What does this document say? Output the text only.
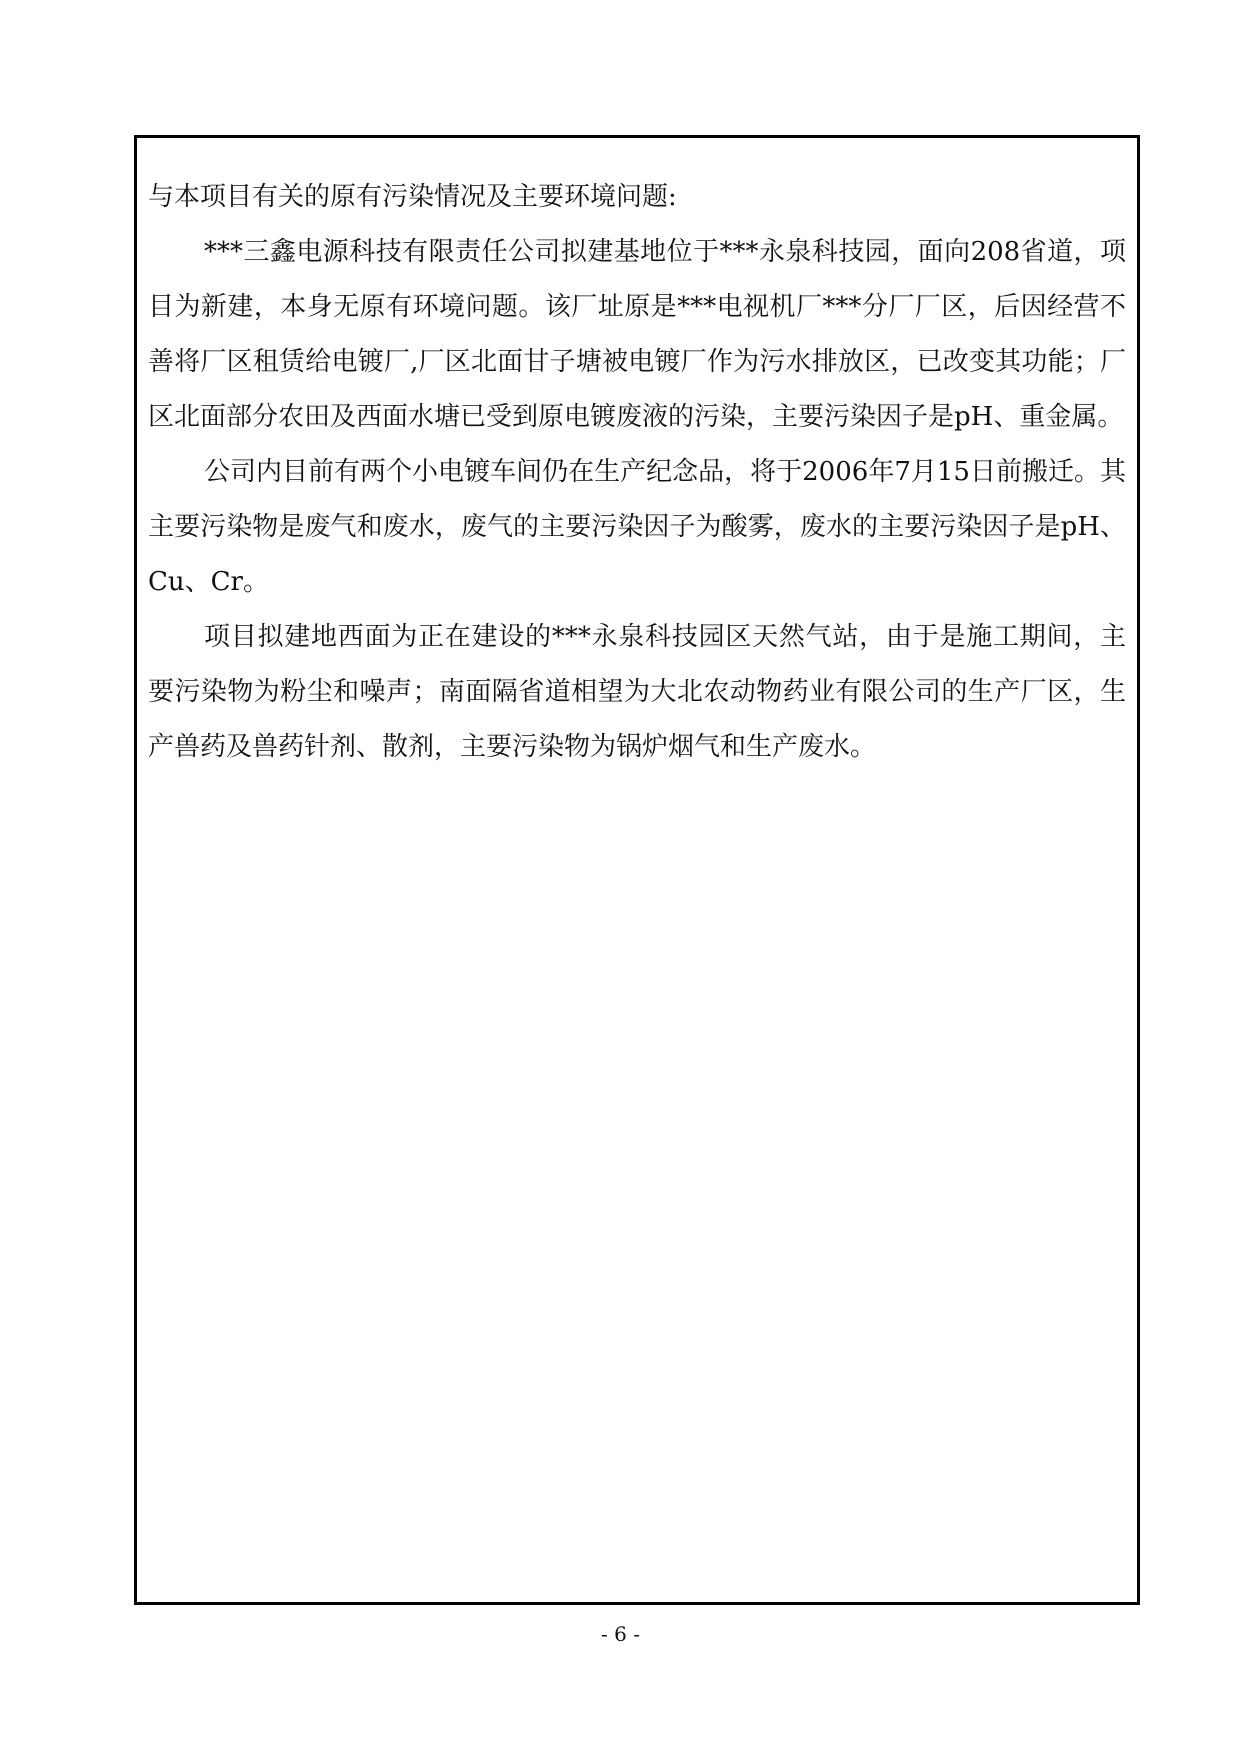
与本项目有关的原有污染情况及主要环境问题:

***三鑫电源科技有限责任公司拟建基地位于***永泉科技园，面向208省道，项目为新建，本身无原有环境问题。该厂址原是***电视机厂***分厂厂区，后因经营不善将厂区租赁给电镀厂,厂区北面甘子塘被电镀厂作为污水排放区，已改变其功能；厂区北面部分农田及西面水塘已受到原电镀废液的污染，主要污染因子是pH、重金属。

公司内目前有两个小电镀车间仍在生产纪念品，将于2006年7月15日前搬迁。其主要污染物是废气和废水，废气的主要污染因子为酸雾，废水的主要污染因子是pH、Cu、Cr。

项目拟建地西面为正在建设的***永泉科技园区天然气站，由于是施工期间，主要污染物为粉尘和噪声；南面隔省道相望为大北农动物药业有限公司的生产厂区，生产兽药及兽药针剂、散剂，主要污染物为锅炉烟气和生产废水。

- 6 -
